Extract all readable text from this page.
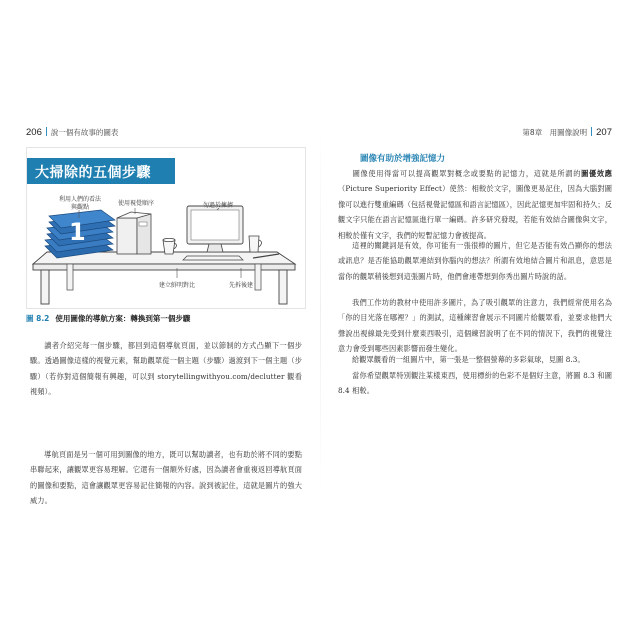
206 說一個有故事的圖表	第8章　用圖像說明 207
大掃除的五個步驟
利用人們的看法
與觀點	使用視覺順序	勿過於擁擠
建立鮮明對比	先拆後建
1
圖 8.2 使用圖像的導航方案：轉換到第一個步驟

讀者介紹完每一個步驟，都回到這個導航頁面，並以節制的方式凸顯下一個步驟。透過圖像這樣的視覺元素，幫助觀眾從一個主題（步驟）過渡到下一個主題（步驟）（若你對這個簡報有興趣，可以到 storytellingwithyou.com/declutter 觀看視頻）。

導航頁面是另一個可用到圖像的地方，既可以幫助讀者，也有助於將不同的要點串聯起來，讓觀眾更容易理解。它還有一個額外好處，因為讀者會重複返回導航頁面的圖像和要點，這會讓觀眾更容易記住簡報的內容。說到被記住，這就是圖片的強大威力。

圖像有助於增強記憶力

圖像使用得當可以提高觀眾對概念或要點的記憶力，這就是所謂的圖優效應（Picture Superiority Effect）使然：相較於文字，圖像更易記住，因為大腦對圖像可以進行雙重編碼（包括視覺記憶區和語言記憶區），因此記憶更加牢固和持久；反觀文字只能在語言記憶區進行單一編碼。許多研究發現，若能有效結合圖像與文字，相較於僅有文字，我們的短暫記憶力會被提高。

這裡的關鍵詞是有效，你可能有一張很棒的圖片，但它是否能有效凸顯你的想法或訊息？是否能協助觀眾連結到你腦內的想法？所謂有效地結合圖片和訊息，意思是當你的觀眾稍後想到這張圖片時，他們會連帶想到你秀出圖片時說的話。

我們工作坊的教材中使用許多圖片，為了吸引觀眾的注意力，我們經常使用名為「你的目光落在哪裡？」的測試，這種練習會展示不同圖片給觀眾看，並要求他們大聲說出視線最先受到什麼東西吸引，這個練習說明了在不同的情況下，我們的視覺注意力會受到哪些因素影響而發生變化。

給觀眾觀看的一組圖片中，第一張是一整個螢幕的多彩氣球，見圖 8.3。

當你希望觀眾特別觀注某樣東西，使用標紛的色彩不是個好主意，將圖 8.3 和圖 8.4 相較。
